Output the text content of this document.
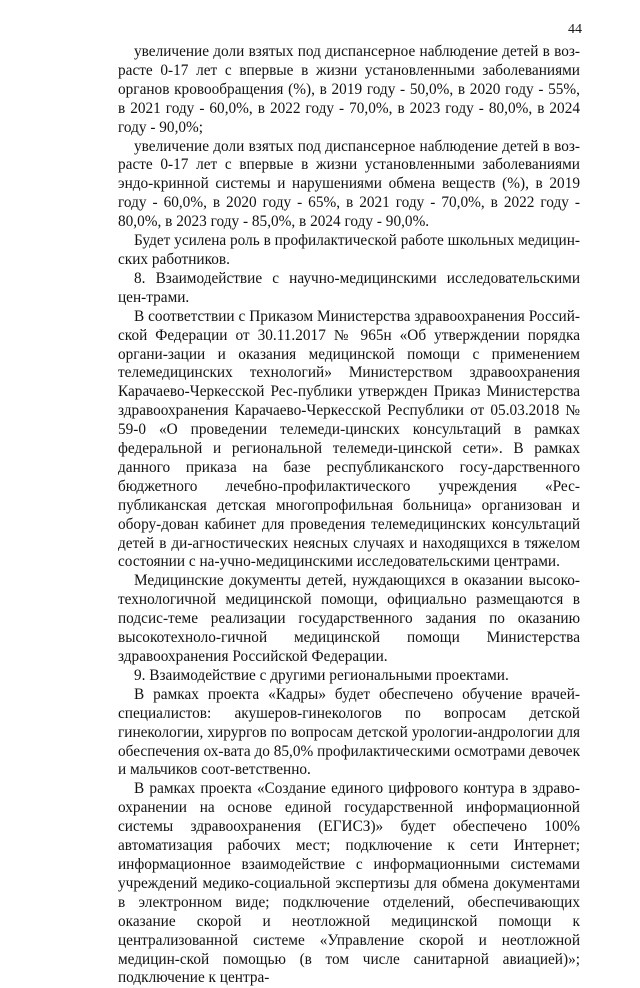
44

увеличение доли взятых под диспансерное наблюдение детей в воз-расте 0-17 лет с впервые в жизни установленными заболеваниями органов кровообращения (%), в 2019 году - 50,0%, в 2020 году - 55%, в 2021 году - 60,0%, в 2022 году - 70,0%, в 2023 году - 80,0%, в 2024 году - 90,0%;

увеличение доли взятых под диспансерное наблюдение детей в воз-расте 0-17 лет с впервые в жизни установленными заболеваниями эндо-кринной системы и нарушениями обмена веществ (%), в 2019 году - 60,0%, в 2020 году - 65%, в 2021 году - 70,0%, в 2022 году - 80,0%, в 2023 году - 85,0%, в 2024 году - 90,0%.

Будет усилена роль в профилактической работе школьных медицин-ских работников.

8. Взаимодействие с научно-медицинскими исследовательскими цен-трами.

В соответствии с Приказом Министерства здравоохранения Россий-ской Федерации от 30.11.2017 № 965н «Об утверждении порядка органи-зации и оказания медицинской помощи с применением телемедицинских технологий» Министерством здравоохранения Карачаево-Черкесской Рес-публики утвержден Приказ Министерства здравоохранения Карачаево-Черкесской Республики от 05.03.2018 № 59-0 «О проведении телемеди-цинских консультаций в рамках федеральной и региональной телемеди-цинской сети». В рамках данного приказа на базе республиканского госу-дарственного бюджетного лечебно-профилактического учреждения «Рес-публиканская детская многопрофильная больница» организован и обору-дован кабинет для проведения телемедицинских консультаций детей в ди-агностических неясных случаях и находящихся в тяжелом состоянии с на-учно-медицинскими исследовательскими центрами.

Медицинские документы детей, нуждающихся в оказании высоко-технологичной медицинской помощи, официально размещаются в подсис-теме реализации государственного задания по оказанию высокотехноло-гичной медицинской помощи Министерства здравоохранения Российской Федерации.

9. Взаимодействие с другими региональными проектами.

В рамках проекта «Кадры» будет обеспечено обучение врачей-специалистов: акушеров-гинекологов по вопросам детской гинекологии, хирургов по вопросам детской урологии-андрологии для обеспечения ох-вата до 85,0% профилактическими осмотрами девочек и мальчиков соот-ветственно.

В рамках проекта «Создание единого цифрового контура в здраво-охранении на основе единой государственной информационной системы здравоохранения (ЕГИСЗ)» будет обеспечено 100% автоматизация рабочих мест; подключение к сети Интернет; информационное взаимодействие с информационными системами учреждений медико-социальной экспертизы для обмена документами в электронном виде; подключение отделений, обеспечивающих оказание скорой и неотложной медицинской помощи к централизованной системе «Управление скорой и неотложной медицин-ской помощью (в том числе санитарной авиацией)»; подключение к центра-
